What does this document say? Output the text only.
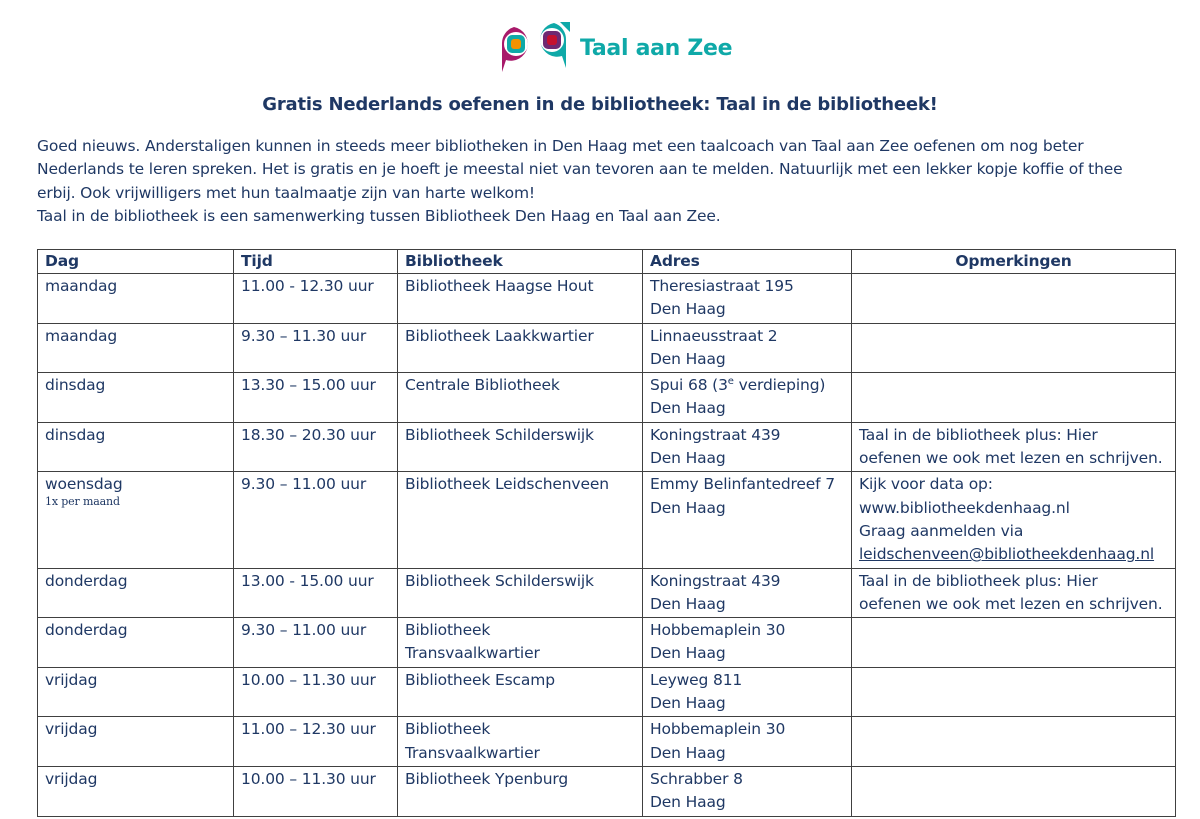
Taal aan Zee
Gratis Nederlands oefenen in de bibliotheek: Taal in de bibliotheek!

Goed nieuws. Anderstaligen kunnen in steeds meer bibliotheken in Den Haag met een taalcoach van Taal aan Zee oefenen om nog beter

Nederlands te leren spreken. Het is gratis en je hoeft je meestal niet van tevoren aan te melden. Natuurlijk met een lekker kopje koffie of thee

erbij. Ook vrijwilligers met hun taalmaatje zijn van harte welkom!

Taal in de bibliotheek is een samenwerking tussen Bibliotheek Den Haag en Taal aan Zee.

Dag	Tijd	Bibliotheek	Adres	Opmerkingen

maandag	11.00 - 12.30 uur	Bibliotheek Haagse Hout	Theresiastraat 195
Den Haag	

maandag	9.30 – 11.30 uur	Bibliotheek Laakkwartier	Linnaeusstraat 2
Den Haag	

dinsdag	13.30 – 15.00 uur	Centrale Bibliotheek	Spui 68 (3e verdieping)
Den Haag	

dinsdag	18.30 – 20.30 uur	Bibliotheek Schilderswijk	Koningstraat 439
Den Haag	Taal in de bibliotheek plus: Hier
oefenen we ook met lezen en schrijven.

woensdag
1x per maand	9.30 – 11.00 uur	Bibliotheek Leidschenveen	Emmy Belinfantedreef 7
Den Haag	Kijk voor data op:
www.bibliotheekdenhaag.nl
Graag aanmelden via
leidschenveen@bibliotheekdenhaag.nl

donderdag	13.00 - 15.00 uur	Bibliotheek Schilderswijk	Koningstraat 439
Den Haag	Taal in de bibliotheek plus: Hier
oefenen we ook met lezen en schrijven.

donderdag	9.30 – 11.00 uur	Bibliotheek
Transvaalkwartier	Hobbemaplein 30
Den Haag	

vrijdag	10.00 – 11.30 uur	Bibliotheek Escamp	Leyweg 811
Den Haag	

vrijdag	11.00 – 12.30 uur	Bibliotheek
Transvaalkwartier	Hobbemaplein 30
Den Haag	

vrijdag	10.00 – 11.30 uur	Bibliotheek Ypenburg	Schrabber 8
Den Haag	
